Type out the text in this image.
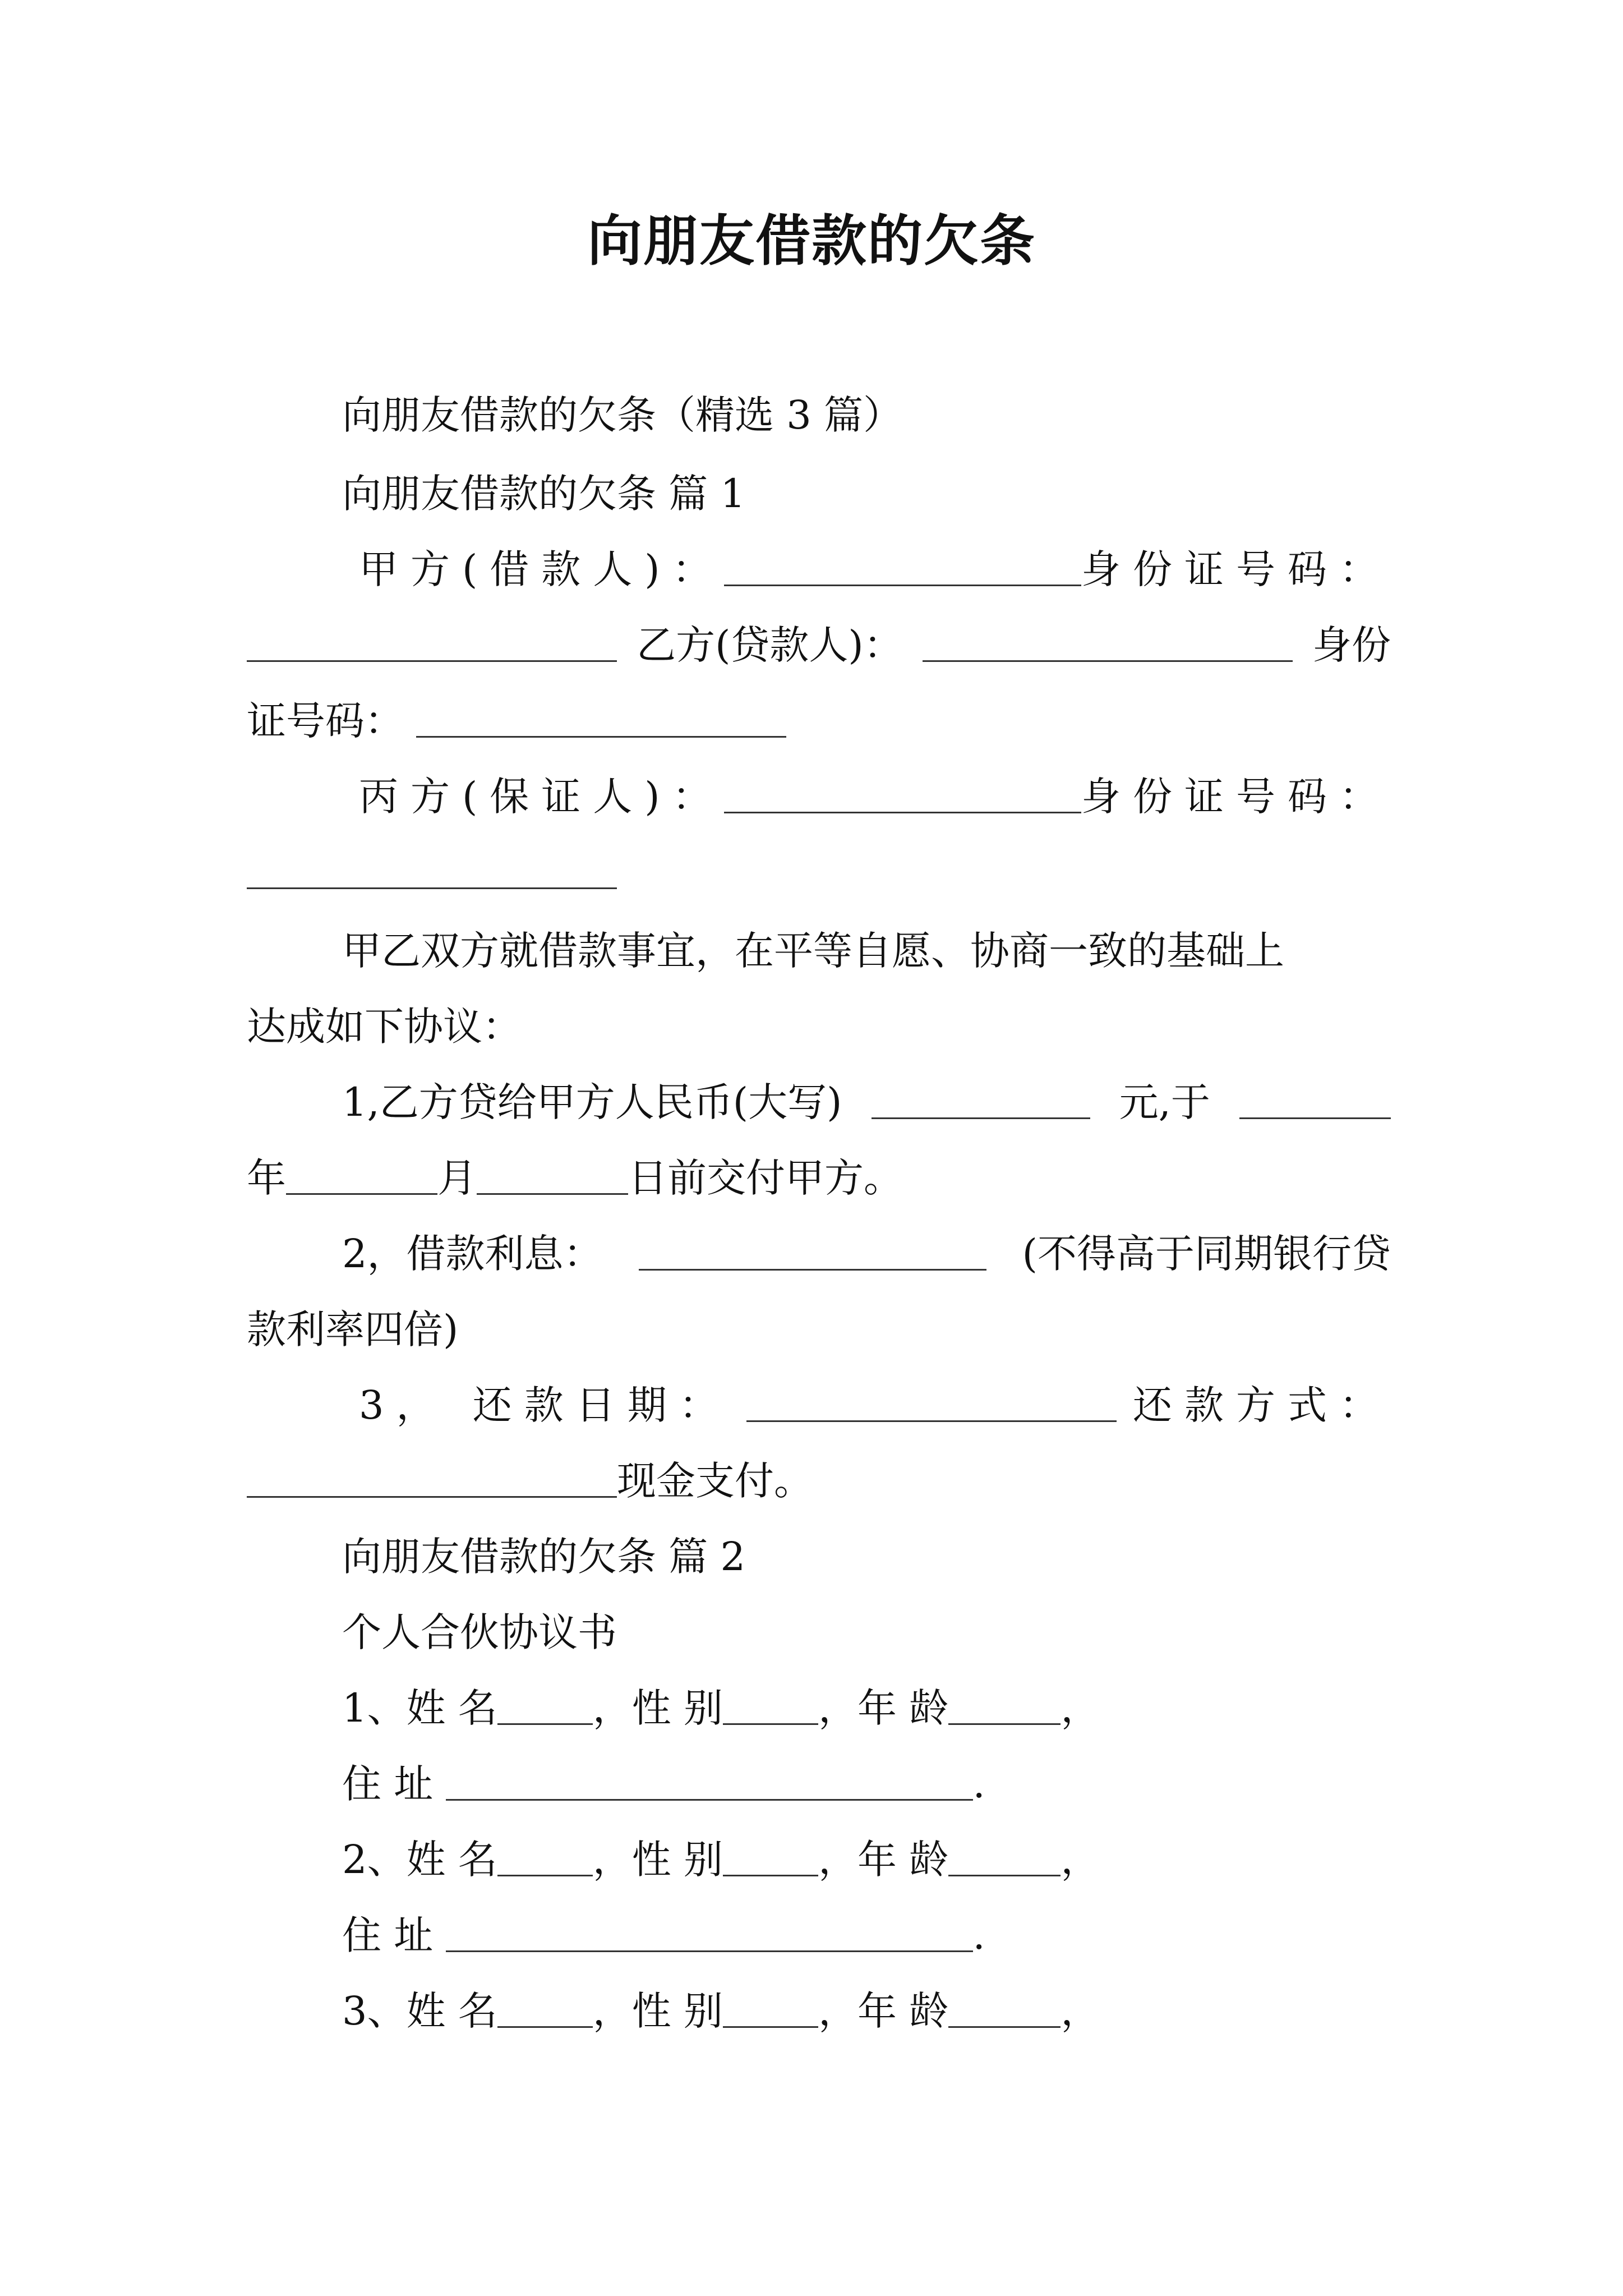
向朋友借款的欠条
向朋友借款的欠条（精选 3 篇）
向朋友借款的欠条 篇 1
甲方(借款人)：	身份证号码：
乙方(贷款人)：	身份
证号码：
丙方(保证人)：	身份证号码：
甲乙双方就借款事宜，在平等自愿、协商一致的基础上
达成如下协议：
1,乙方贷给甲方人民币(大写)	元,于
年	月	日前交付甲方。
2，借款利息：	(不得高于同期银行贷
款利率四倍)
3， 还款日期：	还款方式：
现金支付。
向朋友借款的欠条 篇 2
个人合伙协议书
1、姓 名 ，性 别 ，年 龄	，
住 址	.
2、姓 名 ，性 别 ，年 龄	，
住 址	.
3、姓 名 ，性 别 ，年 龄	，
